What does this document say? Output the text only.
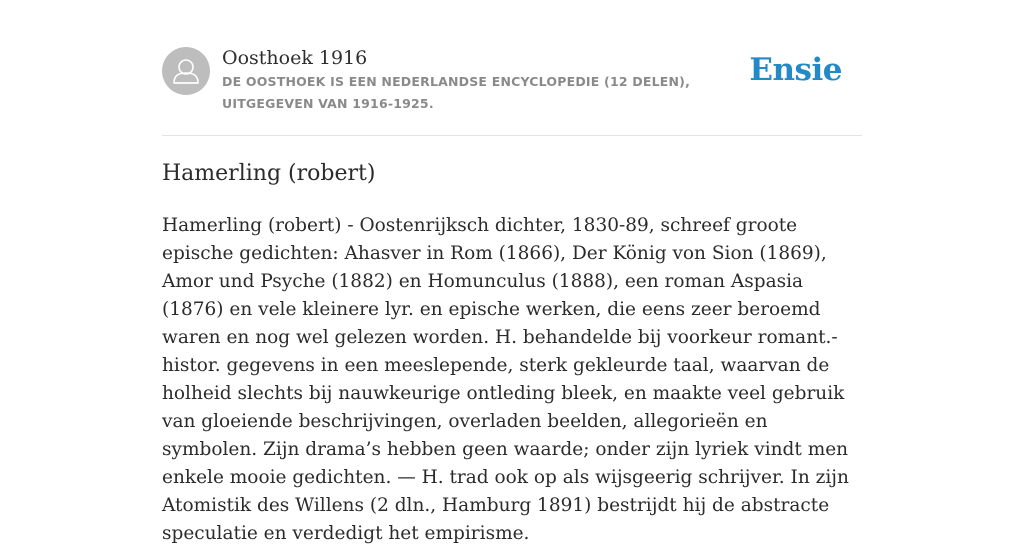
Oosthoek 1916
DE OOSTHOEK IS EEN NEDERLANDSE ENCYCLOPEDIE (12 DELEN), UITGEGEVEN VAN 1916-1925.
Ensie
Hamerling (robert)

Hamerling (robert) - Oostenrijksch dichter, 1830-89, schreef groote epische gedichten: Ahasver in Rom (1866), Der König von Sion (1869), Amor und Psyche (1882) en Homunculus (1888), een roman Aspasia (1876) en vele kleinere lyr. en epische werken, die eens zeer beroemd waren en nog wel gelezen worden. H. behandelde bij voorkeur romant.-histor. gegevens in een meeslepende, sterk gekleurde taal, waarvan de holheid slechts bij nauwkeurige ontleding bleek, en maakte veel gebruik van gloeiende beschrijvingen, overladen beelden, allegorieën en symbolen. Zijn drama’s hebben geen waarde; onder zijn lyriek vindt men enkele mooie gedichten. — H. trad ook op als wijsgeerig schrijver. In zijn Atomistik des Willens (2 dln., Hamburg 1891) bestrijdt hij de abstracte speculatie en verdedigt het empirisme.
